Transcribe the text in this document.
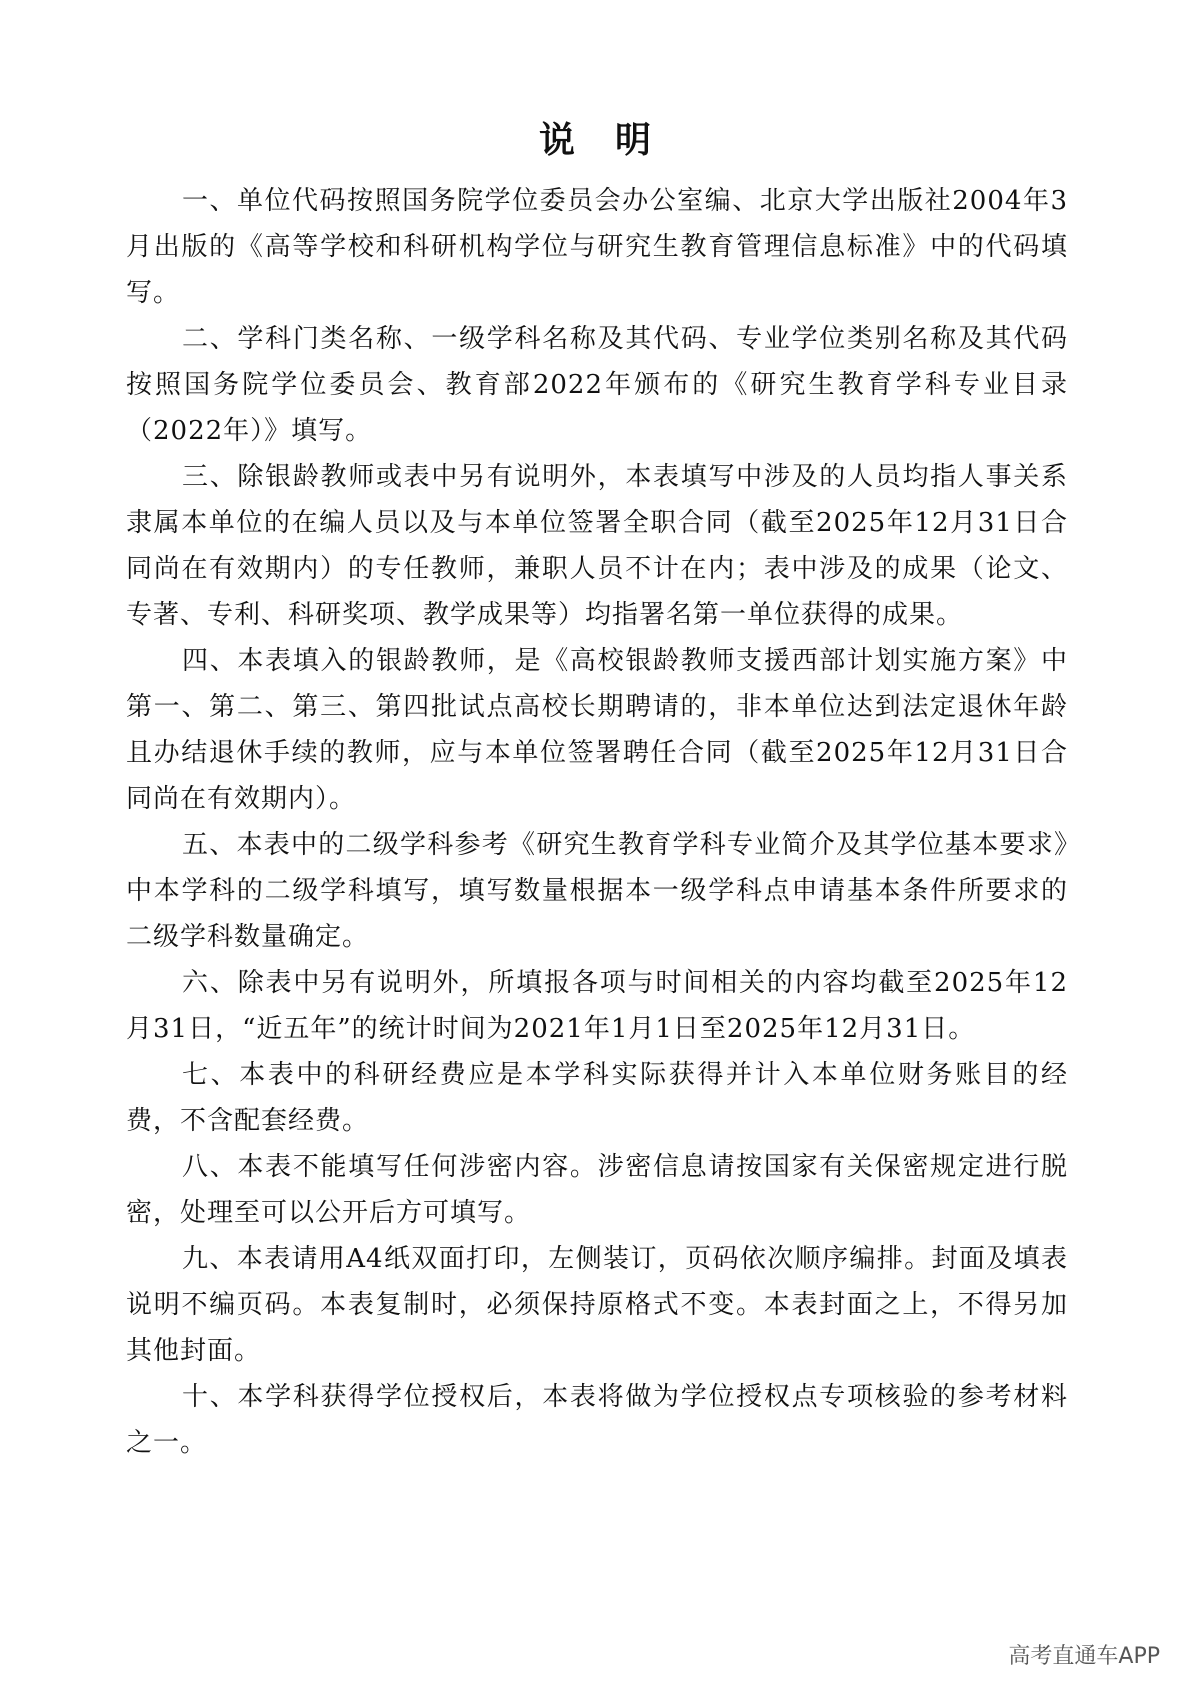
说明

一、单位代码按照国务院学位委员会办公室编、北京大学出版社2004年3月出版的《高等学校和科研机构学位与研究生教育管理信息标准》中的代码填写。

二、学科门类名称、一级学科名称及其代码、专业学位类别名称及其代码按照国务院学位委员会、教育部2022年颁布的《研究生教育学科专业目录（2022年）》填写。

三、除银龄教师或表中另有说明外，本表填写中涉及的人员均指人事关系隶属本单位的在编人员以及与本单位签署全职合同（截至2025年12月31日合同尚在有效期内）的专任教师，兼职人员不计在内；表中涉及的成果（论文、专著、专利、科研奖项、教学成果等）均指署名第一单位获得的成果。

四、本表填入的银龄教师，是《高校银龄教师支援西部计划实施方案》中第一、第二、第三、第四批试点高校长期聘请的，非本单位达到法定退休年龄且办结退休手续的教师，应与本单位签署聘任合同（截至2025年12月31日合同尚在有效期内）。

五、本表中的二级学科参考《研究生教育学科专业简介及其学位基本要求》中本学科的二级学科填写，填写数量根据本一级学科点申请基本条件所要求的二级学科数量确定。

六、除表中另有说明外，所填报各项与时间相关的内容均截至2025年12月31日，“近五年”的统计时间为2021年1月1日至2025年12月31日。

七、本表中的科研经费应是本学科实际获得并计入本单位财务账目的经费，不含配套经费。

八、本表不能填写任何涉密内容。涉密信息请按国家有关保密规定进行脱密，处理至可以公开后方可填写。

九、本表请用A4纸双面打印，左侧装订，页码依次顺序编排。封面及填表说明不编页码。本表复制时，必须保持原格式不变。本表封面之上，不得另加其他封面。

十、本学科获得学位授权后，本表将做为学位授权点专项核验的参考材料之一。

高考直通车APP
